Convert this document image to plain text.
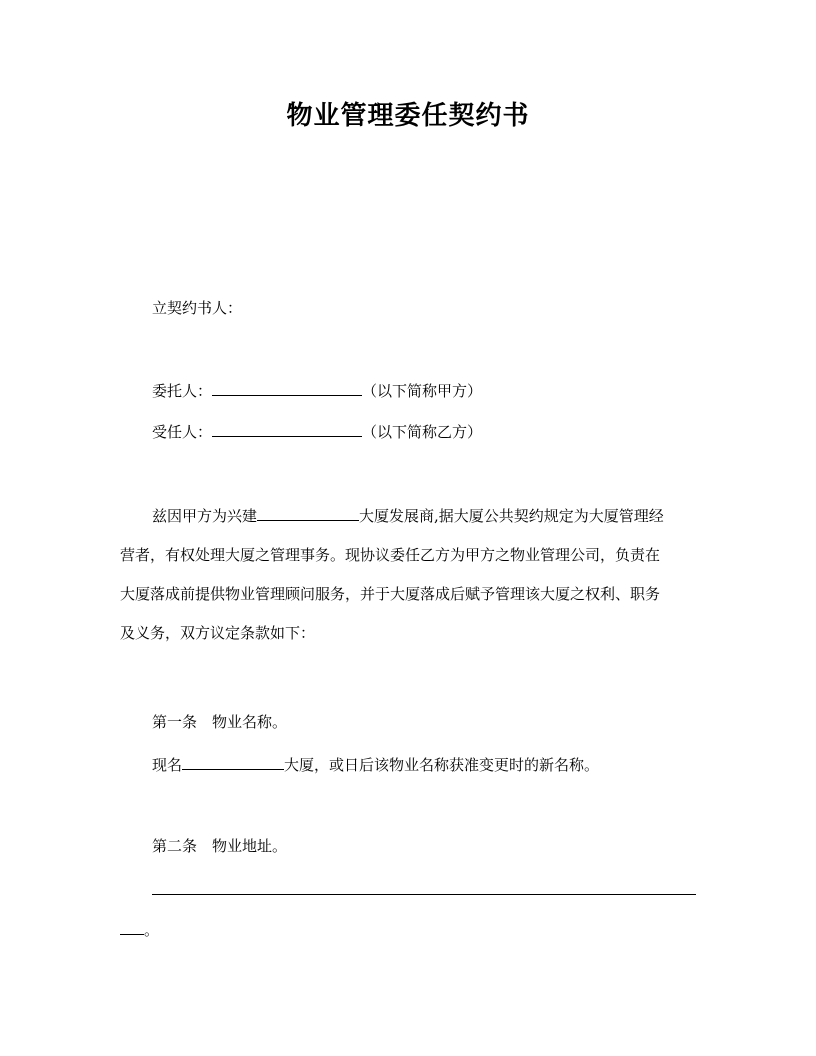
物业管理委任契约书
立契约书人：
委托人：	（以下简称甲方）
受任人：	（以下简称乙方）
兹因甲方为兴建	大厦发展商,据大厦公共契约规定为大厦管理经
营者，有权处理大厦之管理事务。现协议委任乙方为甲方之物业管理公司，负责在
大厦落成前提供物业管理顾问服务，并于大厦落成后赋予管理该大厦之权利、职务
及义务，双方议定条款如下：
第一条　物业名称。
现名	大厦，或日后该物业名称获准变更时的新名称。
第二条　物业地址。
。
